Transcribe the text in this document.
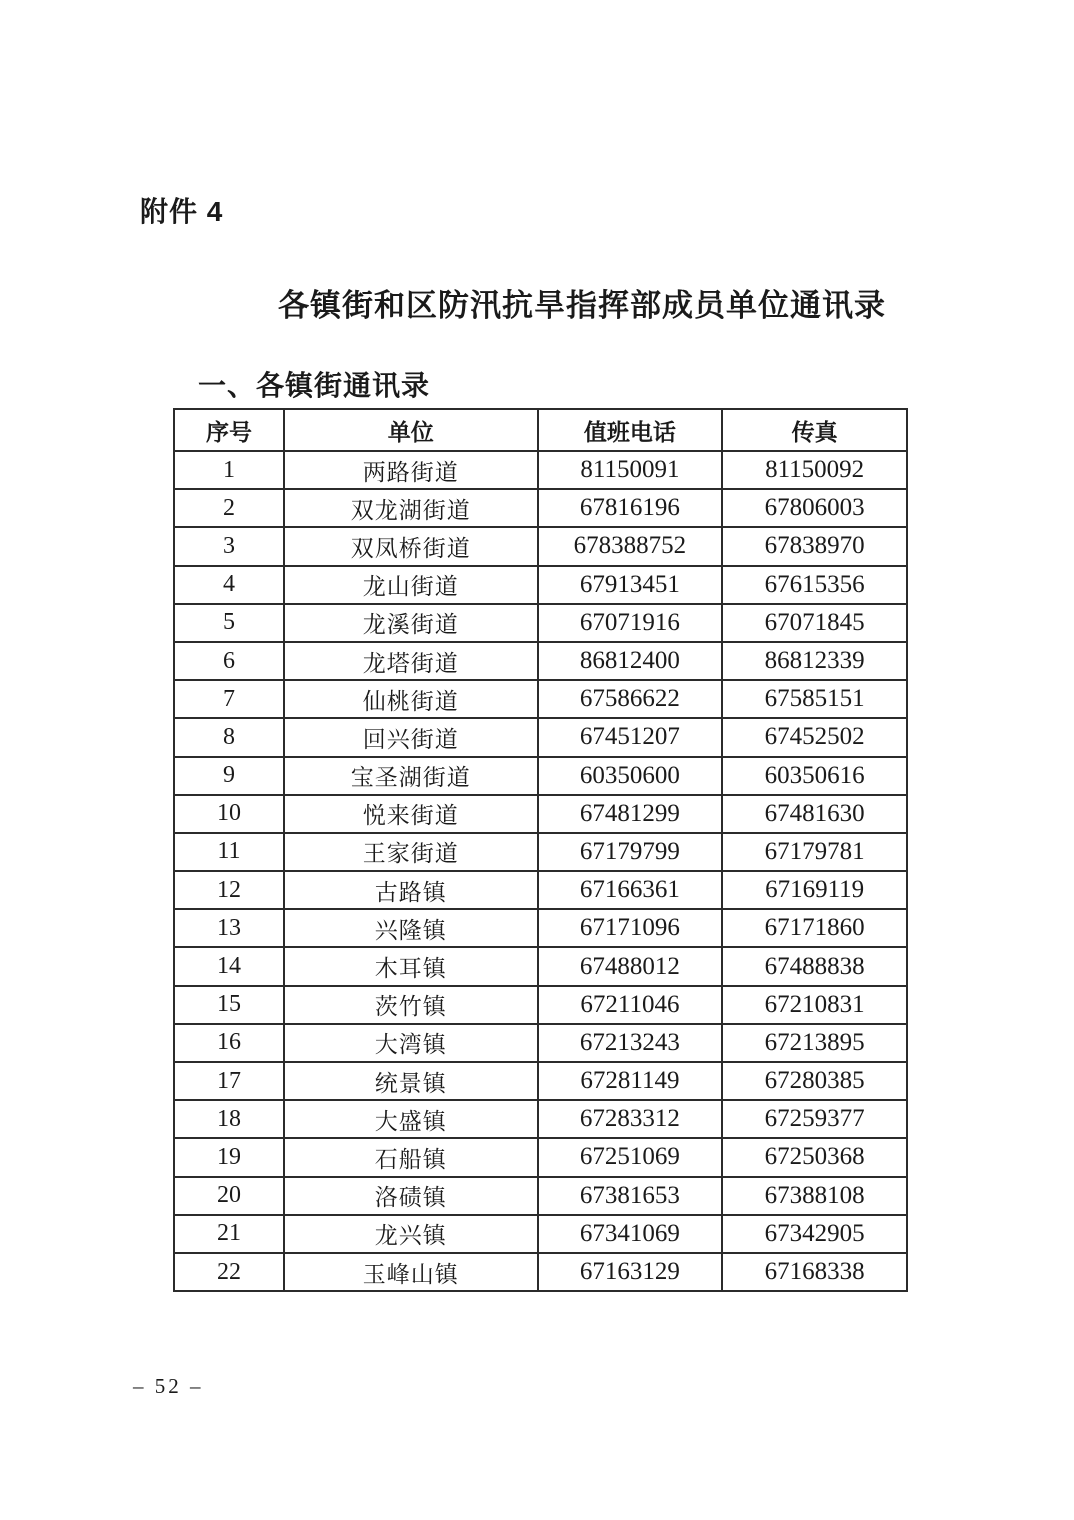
附件 4
各镇街和区防汛抗旱指挥部成员单位通讯录
一、各镇街通讯录
序号	单位	值班电话	传真
1	两路街道	81150091	81150092
2	双龙湖街道	67816196	67806003
3	双凤桥街道	678388752	67838970
4	龙山街道	67913451	67615356
5	龙溪街道	67071916	67071845
6	龙塔街道	86812400	86812339
7	仙桃街道	67586622	67585151
8	回兴街道	67451207	67452502
9	宝圣湖街道	60350600	60350616
10	悦来街道	67481299	67481630
11	王家街道	67179799	67179781
12	古路镇	67166361	67169119
13	兴隆镇	67171096	67171860
14	木耳镇	67488012	67488838
15	茨竹镇	67211046	67210831
16	大湾镇	67213243	67213895
17	统景镇	67281149	67280385
18	大盛镇	67283312	67259377
19	石船镇	67251069	67250368
20	洛碛镇	67381653	67388108
21	龙兴镇	67341069	67342905
22	玉峰山镇	67163129	67168338
– 52 –
